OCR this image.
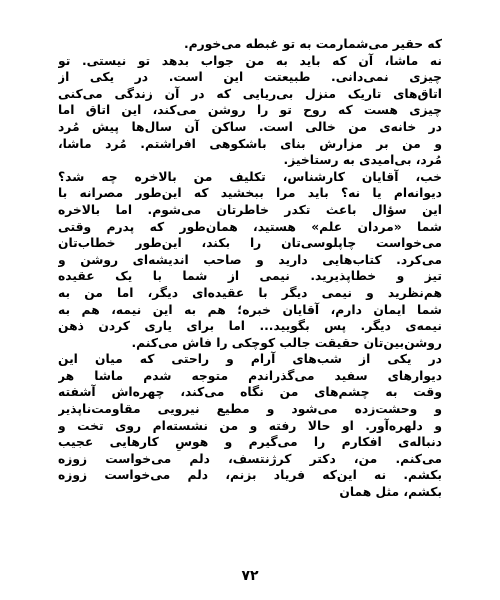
که حقیر می‌شمارمت به تو غبطه می‌خورم.
نه ماشا، آن که باید به من جواب بدهد تو نیستی. تو
چیزی نمی‌دانی. طبیعتت این است. در یکی از
اتاق‌های تاریک منزل بی‌ریایی که در آن زندگی می‌کنی
چیزی هست که روح تو را روشن می‌کند، این اتاق اما
در خانه‌ی من خالی است. ساکن آن سال‌ها پیش مُرد
و من بر مزارش بنای باشکوهی افراشتم. مُرد ماشا،
مُرد، بی‌امیدی به رستاخیز.
خب، آقایان کارشناس، تکلیف من بالاخره چه شد؟
دیوانه‌ام یا نه؟ باید مرا ببخشید که این‌طور مصرانه با
این سؤال باعث تکدر خاطرتان می‌شوم. اما بالاخره
شما «مردان علم» هستید، همان‌طور که پدرم وقتی
می‌خواست چاپلوسی‌تان را بکند، این‌طور خطاب‌تان
می‌کرد. کتاب‌هایی دارید و صاحب اندیشه‌ای روشن و
تیز و خطاپذیرید. نیمی از شما با یک عقیده
هم‌نظرید و نیمی دیگر با عقیده‌ای دیگر، اما من به
شما ایمان دارم، آقایان خبره؛ هم به این نیمه، هم به
نیمه‌ی دیگر. پس بگویید... اما برای یاری کردن ذهن
روشن‌بین‌تان حقیقت جالب کوچکی را فاش می‌کنم.
در یکی از شب‌های آرام و راحتی که میان این
دیوارهای سفید می‌گذراندم متوجه شدم ماشا هر
وقت به چشم‌های من نگاه می‌کند، چهره‌اش آشفته
و وحشت‌زده می‌شود و مطیع نیرویی مقاومت‌ناپذیر
و دلهره‌آور. او حالا رفته و من نشسته‌ام روی تخت و
دنباله‌ی افکارم را می‌گیرم و هوسِ کارهایی عجیب
می‌کنم. من، دکتر کرژنتسف، دلم می‌خواست زوزه
بکشم. نه این‌که فریاد بزنم، دلم می‌خواست زوزه
بکشم، مثل همان
۷۲
